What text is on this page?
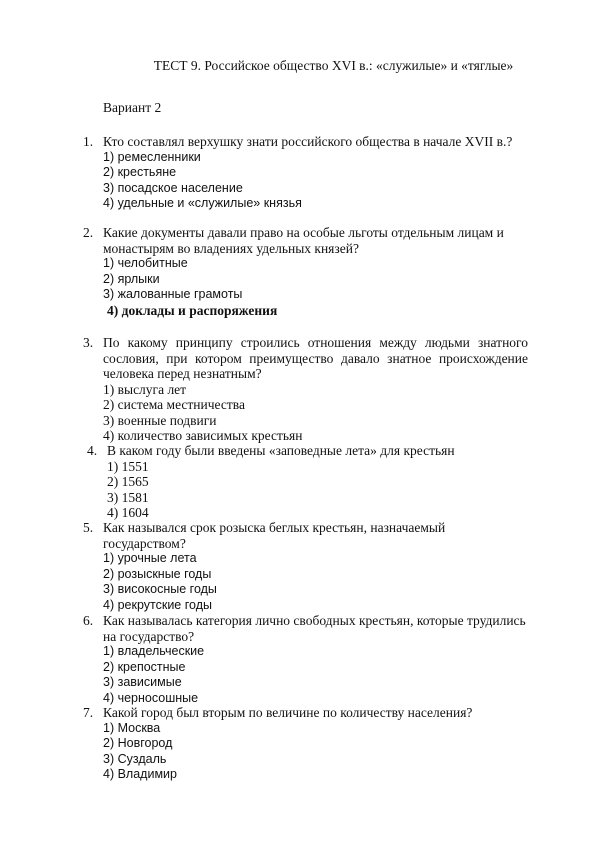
ТЕСТ 9. Российское общество XVI в.: «служилые» и «тяглые»
Вариант 2
1. Кто составлял верхушку знати российского общества в начале XVII в.?
1) ремесленники
2) крестьяне
3) посадское население
4) удельные и «служилые» князья
2. Какие документы давали право на особые льготы отдельным лицам и монастырям во владениях удельных князей?
1) челобитные
2) ярлыки
3) жалованные грамоты
4) доклады и распоряжения
3. По какому принципу строились отношения между людьми знатного сословия, при котором преимущество давало знатное происхождение человека перед незнатным?
1) выслуга лет
2) система местничества
3) военные подвиги
4) количество зависимых крестьян
4. В каком году были введены «заповедные лета» для крестьян
1) 1551
2) 1565
3) 1581
4) 1604
5. Как назывался срок розыска беглых крестьян, назначаемый государством?
1) урочные лета
2) розыскные годы
3) високосные годы
4) рекрутские годы
6. Как называлась категория лично свободных крестьян, которые трудились на государство?
1) владельческие
2) крепостные
3) зависимые
4) черносошные
7. Какой город был вторым по величине по количеству населения?
1) Москва
2) Новгород
3) Суздаль
4) Владимир
